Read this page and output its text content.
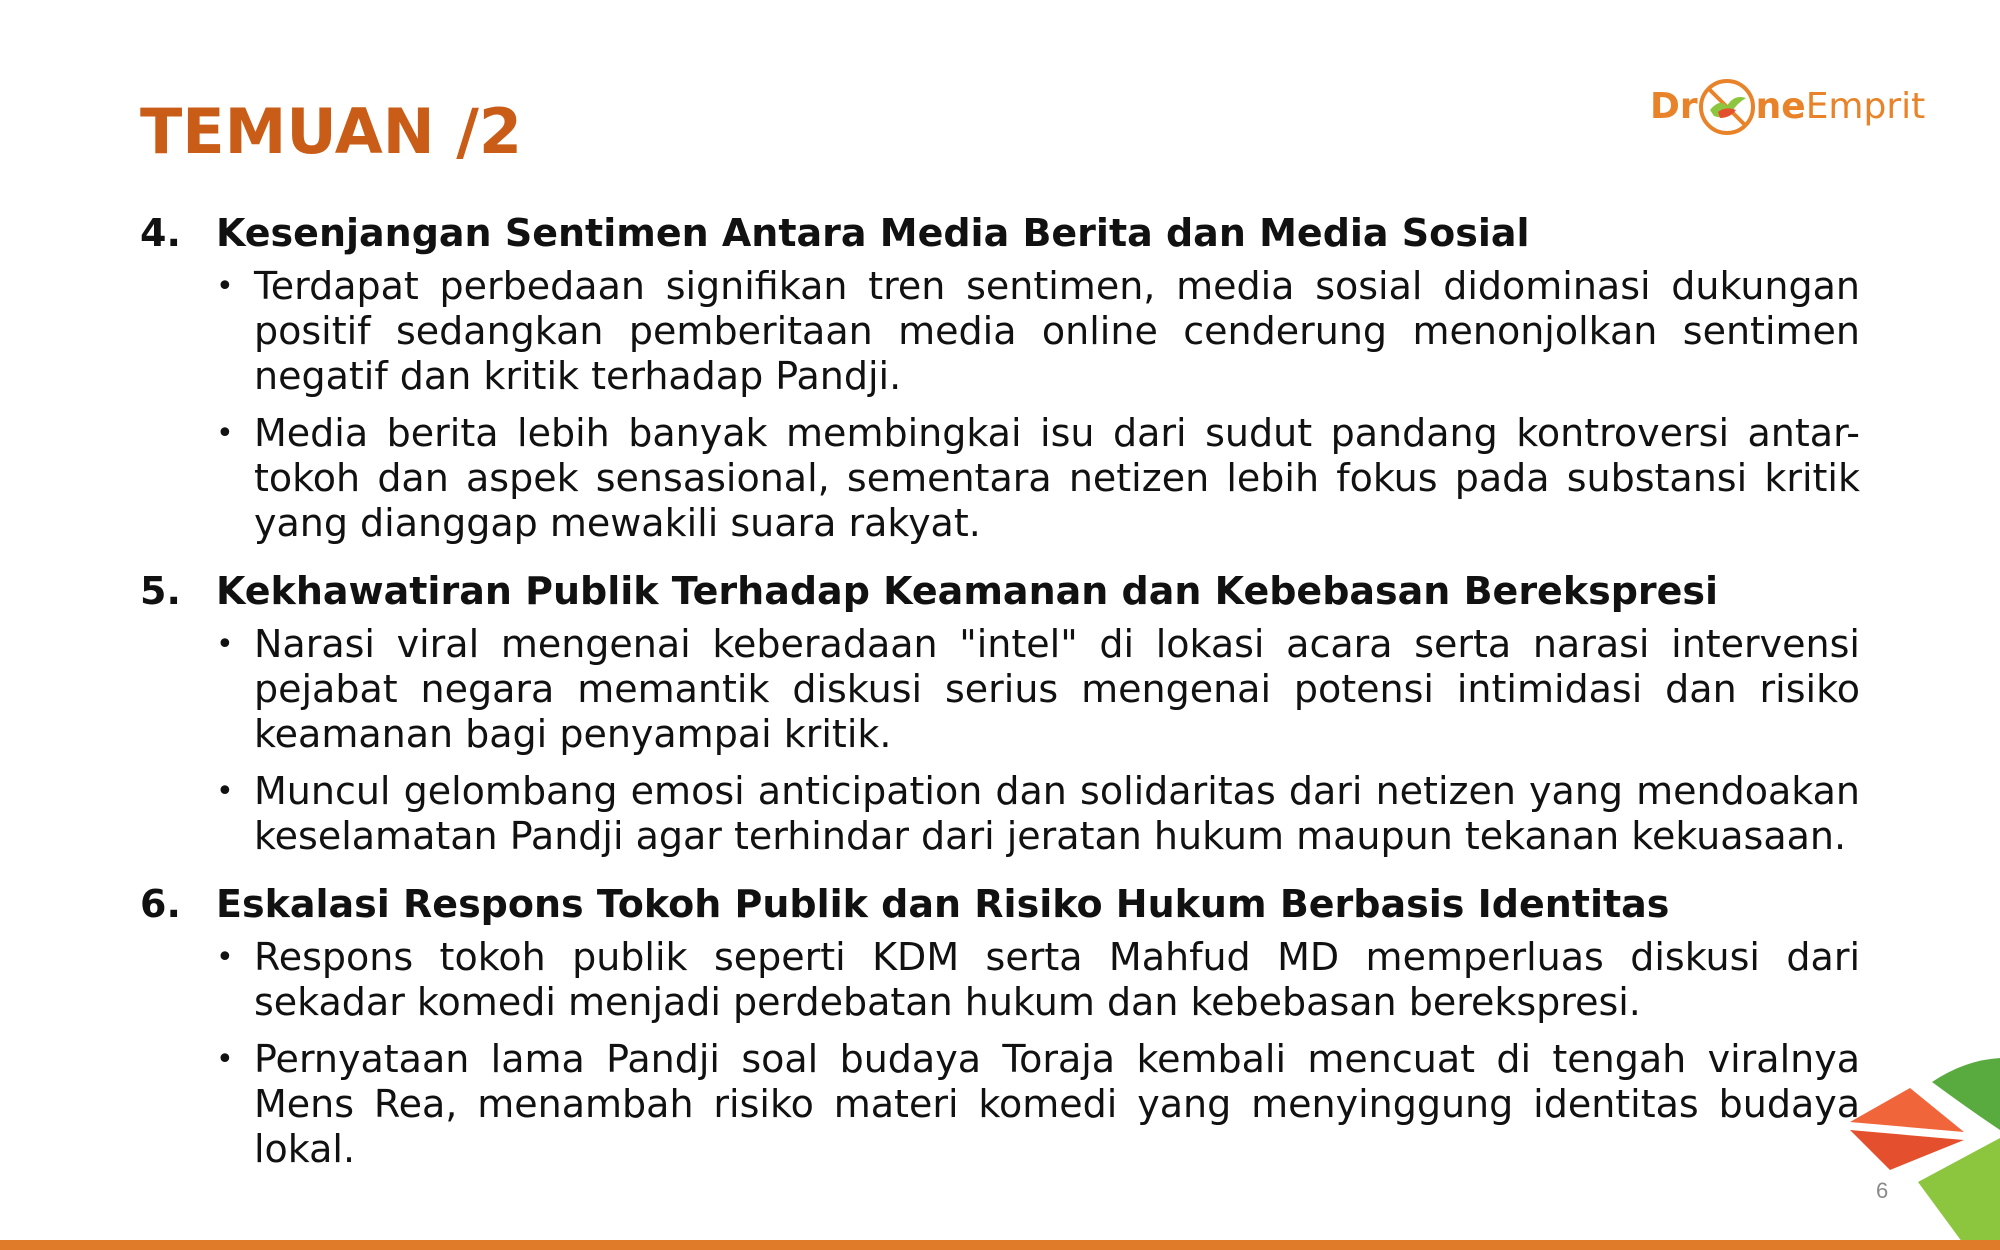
TEMUAN /2	Dr ne Emprit
4. Kesenjangan Sentimen Antara Media Berita dan Media Sosial
• Terdapat perbedaan signifikan tren sentimen, media sosial didominasi dukungan positif sedangkan pemberitaan media online cenderung menonjolkan sentimen negatif dan kritik terhadap Pandji.
• Media berita lebih banyak membingkai isu dari sudut pandang kontroversi antar-tokoh dan aspek sensasional, sementara netizen lebih fokus pada substansi kritik yang dianggap mewakili suara rakyat.
5. Kekhawatiran Publik Terhadap Keamanan dan Kebebasan Berekspresi
• Narasi viral mengenai keberadaan "intel" di lokasi acara serta narasi intervensi pejabat negara memantik diskusi serius mengenai potensi intimidasi dan risiko keamanan bagi penyampai kritik.
• Muncul gelombang emosi anticipation dan solidaritas dari netizen yang mendoakan keselamatan Pandji agar terhindar dari jeratan hukum maupun tekanan kekuasaan.
6. Eskalasi Respons Tokoh Publik dan Risiko Hukum Berbasis Identitas
• Respons tokoh publik seperti KDM serta Mahfud MD memperluas diskusi dari sekadar komedi menjadi perdebatan hukum dan kebebasan berekspresi.
• Pernyataan lama Pandji soal budaya Toraja kembali mencuat di tengah viralnya Mens Rea, menambah risiko materi komedi yang menyinggung identitas budaya lokal.
6
